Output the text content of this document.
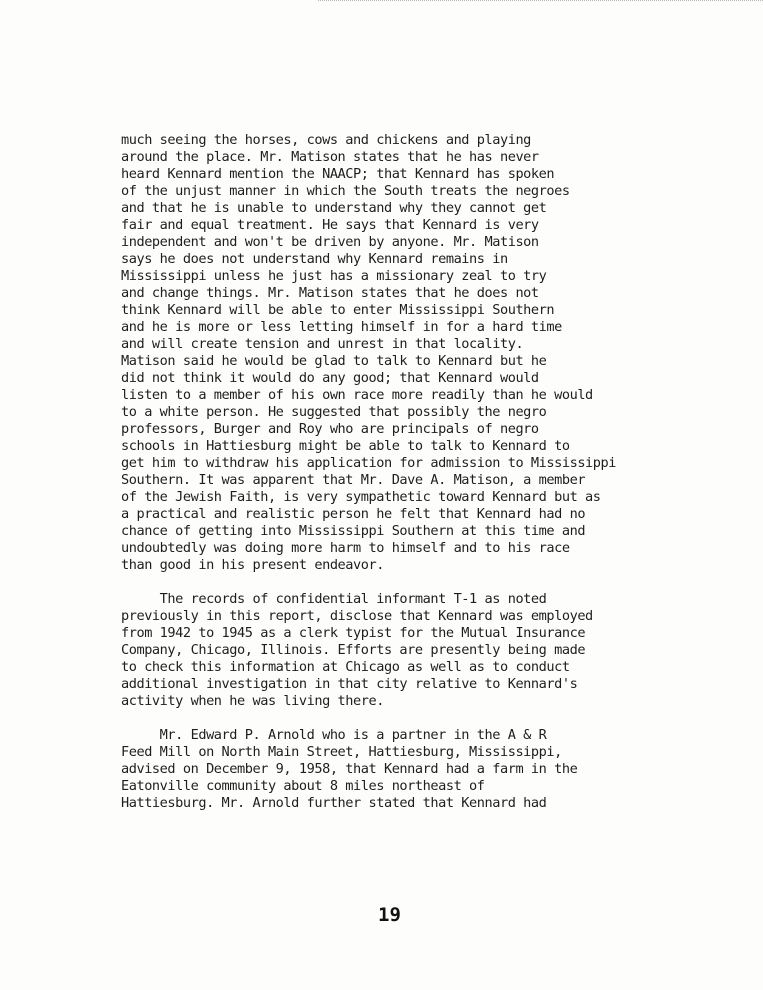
much seeing the horses, cows and chickens and playing

around the place. Mr. Matison states that he has never

heard Kennard mention the NAACP; that Kennard has spoken

of the unjust manner in which the South treats the negroes

and that he is unable to understand why they cannot get

fair and equal treatment. He says that Kennard is very

independent and won't be driven by anyone. Mr. Matison

says he does not understand why Kennard remains in

Mississippi unless he just has a missionary zeal to try

and change things. Mr. Matison states that he does not

think Kennard will be able to enter Mississippi Southern

and he is more or less letting himself in for a hard time

and will create tension and unrest in that locality.

Matison said he would be glad to talk to Kennard but he

did not think it would do any good; that Kennard would

listen to a member of his own race more readily than he would

to a white person. He suggested that possibly the negro

professors, Burger and Roy who are principals of negro

schools in Hattiesburg might be able to talk to Kennard to

get him to withdraw his application for admission to Mississippi

Southern. It was apparent that Mr. Dave A. Matison, a member

of the Jewish Faith, is very sympathetic toward Kennard but as

a practical and realistic person he felt that Kennard had no

chance of getting into Mississippi Southern at this time and

undoubtedly was doing more harm to himself and to his race

than good in his present endeavor.

The records of confidential informant T-1 as noted

previously in this report, disclose that Kennard was employed

from 1942 to 1945 as a clerk typist for the Mutual Insurance

Company, Chicago, Illinois. Efforts are presently being made

to check this information at Chicago as well as to conduct

additional investigation in that city relative to Kennard's

activity when he was living there.

Mr. Edward P. Arnold who is a partner in the A & R

Feed Mill on North Main Street, Hattiesburg, Mississippi,

advised on December 9, 1958, that Kennard had a farm in the

Eatonville community about 8 miles northeast of

Hattiesburg. Mr. Arnold further stated that Kennard had

19
